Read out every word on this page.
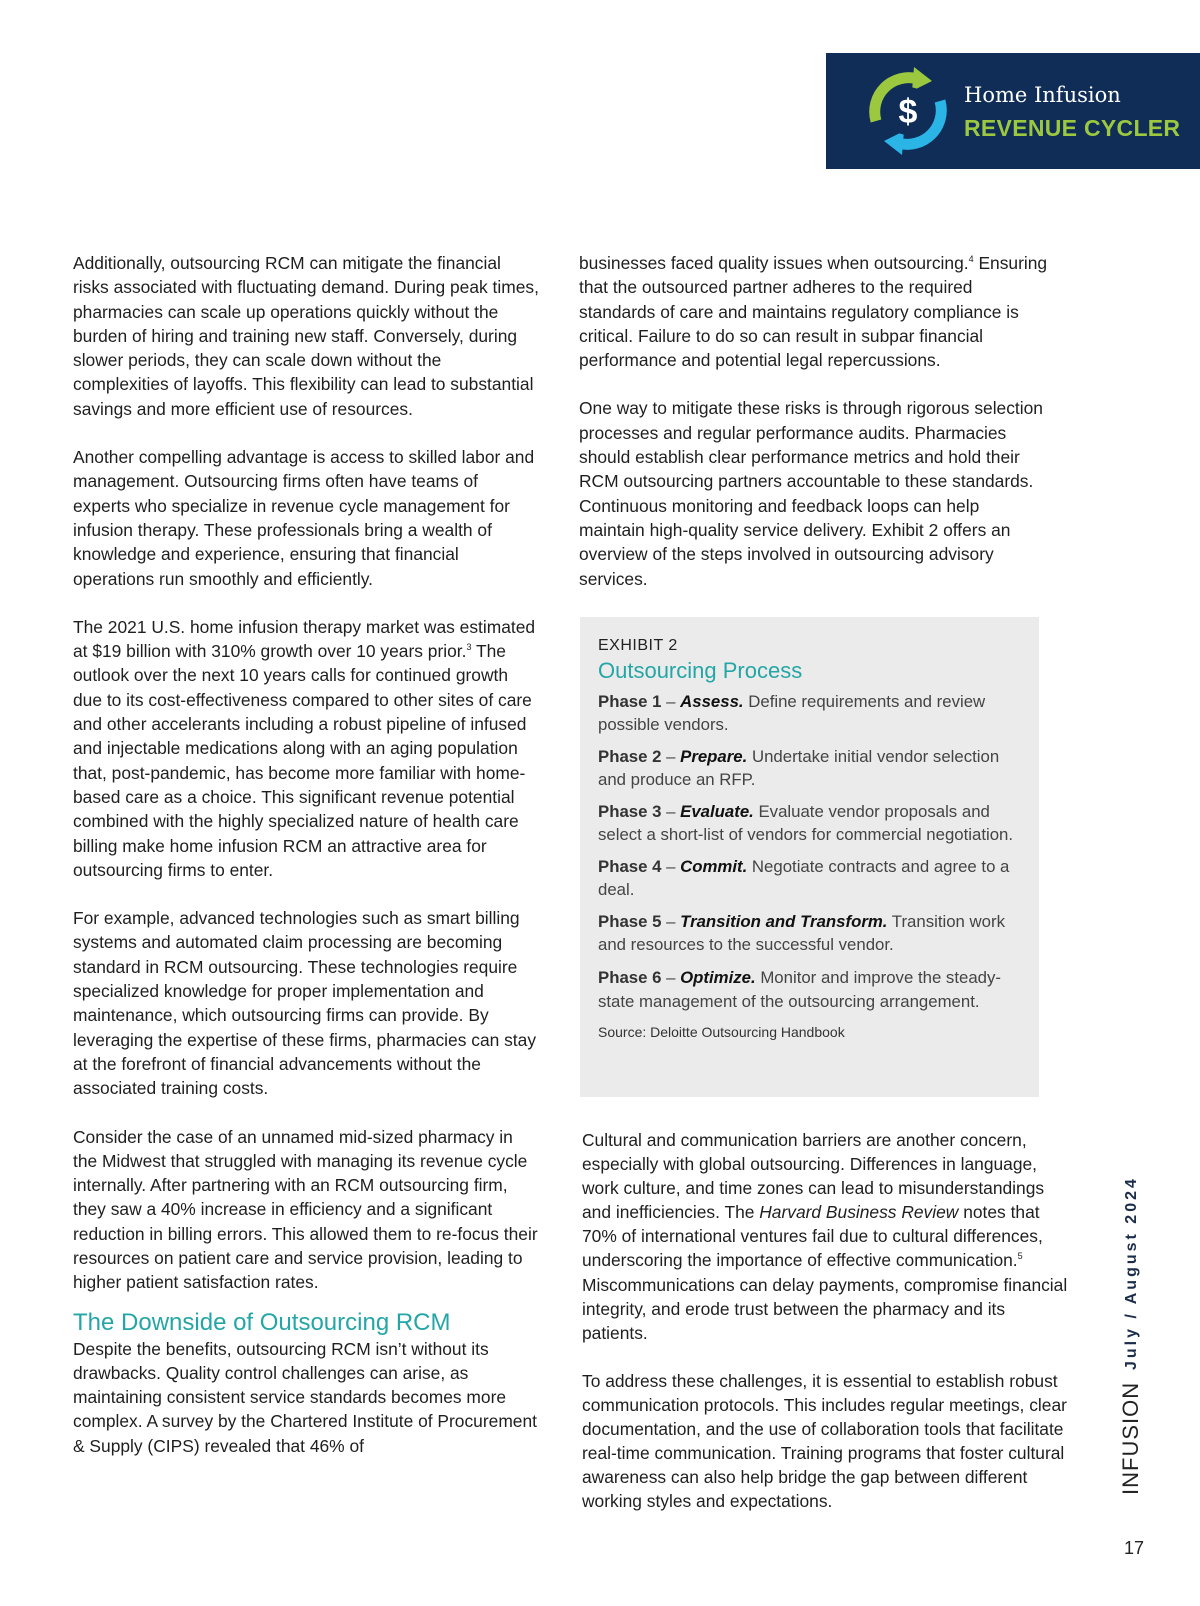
$ Home Infusion
REVENUE CYCLER

Additionally, outsourcing RCM can mitigate the financial risks associated with fluctuating demand. During peak times, pharmacies can scale up operations quickly without the burden of hiring and training new staff. Conversely, during slower periods, they can scale down without the complexities of layoffs. This flexibility can lead to substantial savings and more efficient use of resources.

Another compelling advantage is access to skilled labor and management. Outsourcing firms often have teams of experts who specialize in revenue cycle management for infusion therapy. These professionals bring a wealth of knowledge and experience, ensuring that financial operations run smoothly and efficiently.

The 2021 U.S. home infusion therapy market was estimated at $19 billion with 310% growth over 10 years prior.$^3$ The outlook over the next 10 years calls for continued growth due to its cost-effectiveness compared to other sites of care and other accelerants including a robust pipeline of infused and injectable medications along with an aging population that, post-pandemic, has become more familiar with home-based care as a choice. This significant revenue potential combined with the highly specialized nature of health care billing make home infusion RCM an attractive area for outsourcing firms to enter.

For example, advanced technologies such as smart billing systems and automated claim processing are becoming standard in RCM outsourcing. These technologies require specialized knowledge for proper implementation and maintenance, which outsourcing firms can provide. By leveraging the expertise of these firms, pharmacies can stay at the forefront of financial advancements without the associated training costs.

Consider the case of an unnamed mid-sized pharmacy in the Midwest that struggled with managing its revenue cycle internally. After partnering with an RCM outsourcing firm, they saw a 40% increase in efficiency and a significant reduction in billing errors. This allowed them to re-focus their resources on patient care and service provision, leading to higher patient satisfaction rates.

The Downside of Outsourcing RCM

Despite the benefits, outsourcing RCM isn’t without its drawbacks. Quality control challenges can arise, as maintaining consistent service standards becomes more complex. A survey by the Chartered Institute of Procurement & Supply (CIPS) revealed that 46% of

businesses faced quality issues when outsourcing.$^4$ Ensuring that the outsourced partner adheres to the required standards of care and maintains regulatory compliance is critical. Failure to do so can result in subpar financial performance and potential legal repercussions.

One way to mitigate these risks is through rigorous selection processes and regular performance audits. Pharmacies should establish clear performance metrics and hold their RCM outsourcing partners accountable to these standards. Continuous monitoring and feedback loops can help maintain high-quality service delivery. Exhibit 2 offers an overview of the steps involved in outsourcing advisory services.

EXHIBIT 2
Outsourcing Process
Phase 1 – Assess. Define requirements and review possible vendors.
Phase 2 – Prepare. Undertake initial vendor selection and produce an RFP.
Phase 3 – Evaluate. Evaluate vendor proposals and select a short-list of vendors for commercial negotiation.
Phase 4 – Commit. Negotiate contracts and agree to a deal.
Phase 5 – Transition and Transform. Transition work and resources to the successful vendor.
Phase 6 – Optimize. Monitor and improve the steady-state management of the outsourcing arrangement.
Source: Deloitte Outsourcing Handbook

Cultural and communication barriers are another concern, especially with global outsourcing. Differences in language, work culture, and time zones can lead to misunderstandings and inefficiencies. The Harvard Business Review notes that 70% of international ventures fail due to cultural differences, underscoring the importance of effective communication.$^5$ Miscommunications can delay payments, compromise financial integrity, and erode trust between the pharmacy and its patients.

To address these challenges, it is essential to establish robust communication protocols. This includes regular meetings, clear documentation, and the use of collaboration tools that facilitate real-time communication. Training programs that foster cultural awareness can also help bridge the gap between different working styles and expectations.

July / August 2024
INFUSION
17
